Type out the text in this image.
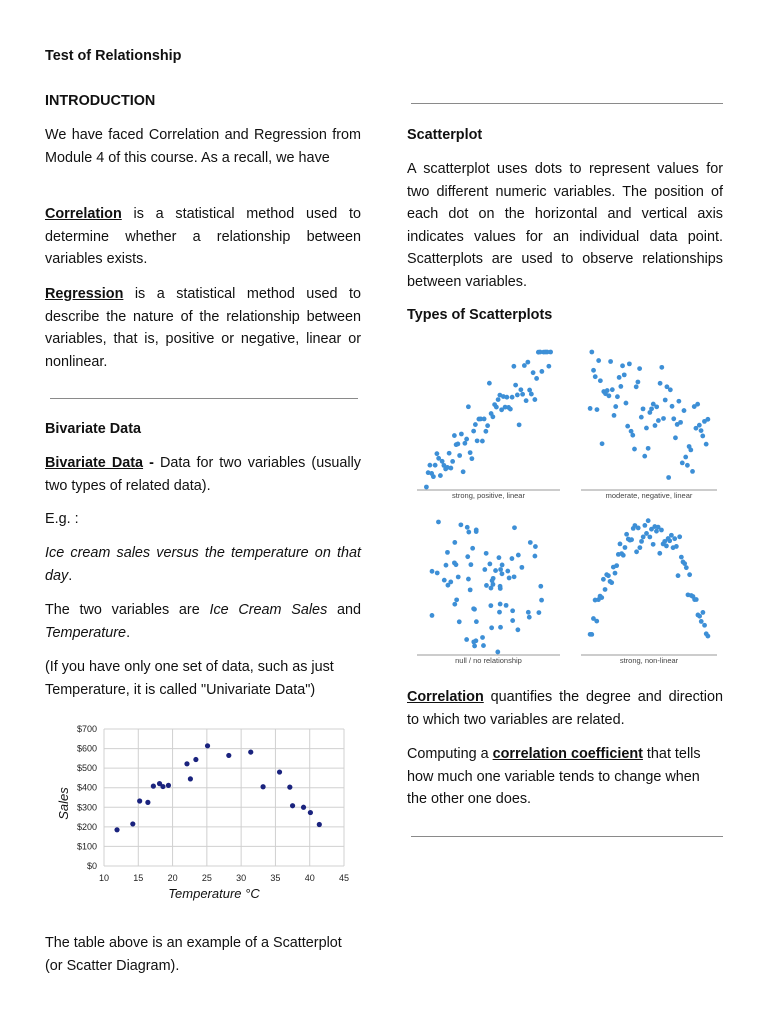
Test of Relationship
INTRODUCTION

We have faced Correlation and Regression from Module 4 of this course. As a recall, we have

Correlation is a statistical method used to determine whether a relationship between variables exists.

Regression is a statistical method used to describe the nature of the relationship between variables, that is, positive or negative, linear or nonlinear.

Bivariate Data

Bivariate Data - Data for two variables (usually two types of related data).

E.g. :

Ice cream sales versus the temperature on that day.

The two variables are Ice Cream Sales and Temperature.

(If you have only one set of data, such as just Temperature, it is called "Univariate Data")

The table above is an example of a Scatterplot (or Scatter Diagram).

$0
$100
$200
$300
$400
$500
$600
$700
10	15	20	25	30	35	40	45
Temperature °C
Sales
Scatterplot

A scatterplot uses dots to represent values for two different numeric variables. The position of each dot on the horizontal and vertical axis indicates values for an individual data point. Scatterplots are used to observe relationships between variables.

Types of Scatterplots

Correlation quantifies the degree and direction to which two variables are related.

Computing a correlation coefficient that tells how much one variable tends to change when the other one does.

strong, positive, linear	moderate, negative, linear
null / no relationship	strong, non-linear
